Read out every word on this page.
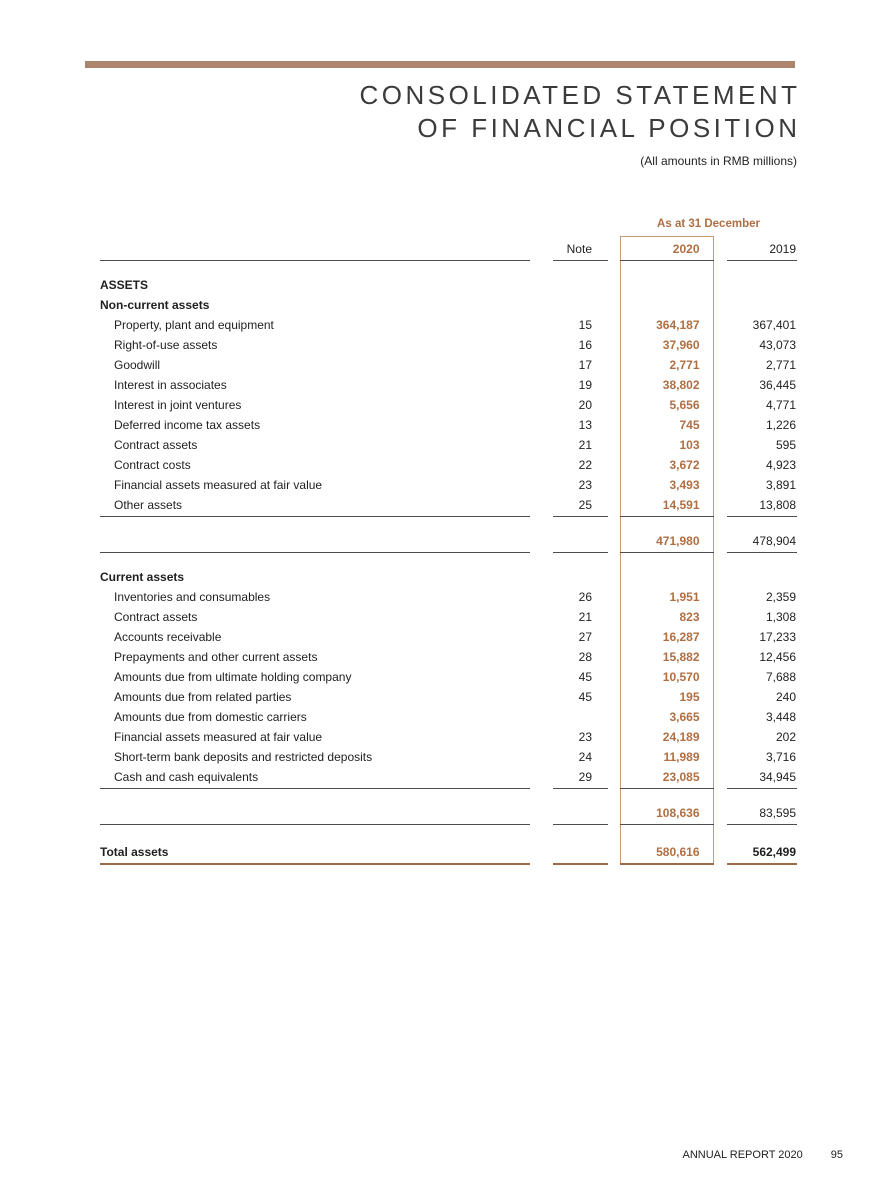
CONSOLIDATED STATEMENT
OF FINANCIAL POSITION
(All amounts in RMB millions)
				As at 31 December		
		Note		2020		2019

ASSETS						
Non-current assets						
Property, plant and equipment		15		364,187		367,401
Right-of-use assets		16		37,960		43,073
Goodwill		17		2,771		2,771
Interest in associates		19		38,802		36,445
Interest in joint ventures		20		5,656		4,771
Deferred income tax assets		13		745		1,226
Contract assets		21		103		595
Contract costs		22		3,672		4,923
Financial assets measured at fair value		23		3,493		3,891
Other assets		25		14,591		13,808

				471,980		478,904

Current assets						
Inventories and consumables		26		1,951		2,359
Contract assets		21		823		1,308
Accounts receivable		27		16,287		17,233
Prepayments and other current assets		28		15,882		12,456
Amounts due from ultimate holding company		45		10,570		7,688
Amounts due from related parties		45		195		240
Amounts due from domestic carriers				3,665		3,448
Financial assets measured at fair value		23		24,189		202
Short-term bank deposits and restricted deposits		24		11,989		3,716
Cash and cash equivalents		29		23,085		34,945

				108,636		83,595

Total assets				580,616		562,499
ANNUAL REPORT 2020	95
